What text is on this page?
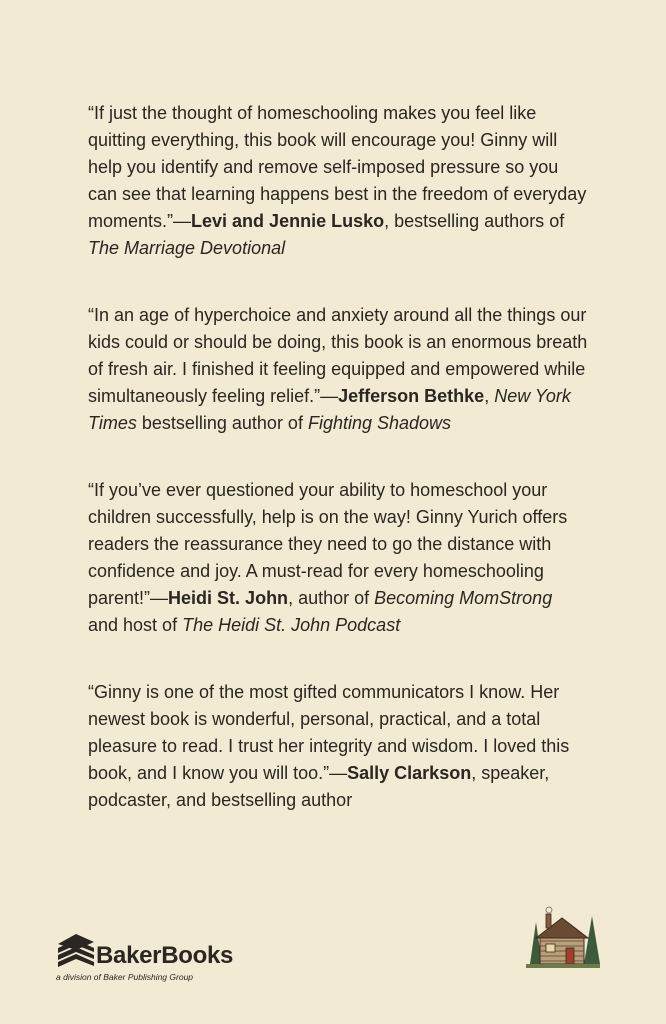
“If just the thought of homeschooling makes you feel like quitting everything, this book will encourage you! Ginny will help you identify and remove self-imposed pressure so you can see that learning happens best in the freedom of everyday moments.”—Levi and Jennie Lusko, bestselling authors of The Marriage Devotional

“In an age of hyperchoice and anxiety around all the things our kids could or should be doing, this book is an enormous breath of fresh air. I finished it feeling equipped and empowered while simultaneously feeling relief.”—Jefferson Bethke, New York Times bestselling author of Fighting Shadows

“If you’ve ever questioned your ability to homeschool your children successfully, help is on the way! Ginny Yurich offers readers the reassurance they need to go the distance with confidence and joy. A must-read for every homeschooling parent!”—Heidi St. John, author of Becoming MomStrong
and host of The Heidi St. John Podcast

“Ginny is one of the most gifted communicators I know. Her newest book is wonderful, personal, practical, and a total pleasure to read. I trust her integrity and wisdom. I loved this book, and I know you will too.”—Sally Clarkson, speaker, podcaster, and bestselling author

BakerBooks
a division of Baker Publishing Group
